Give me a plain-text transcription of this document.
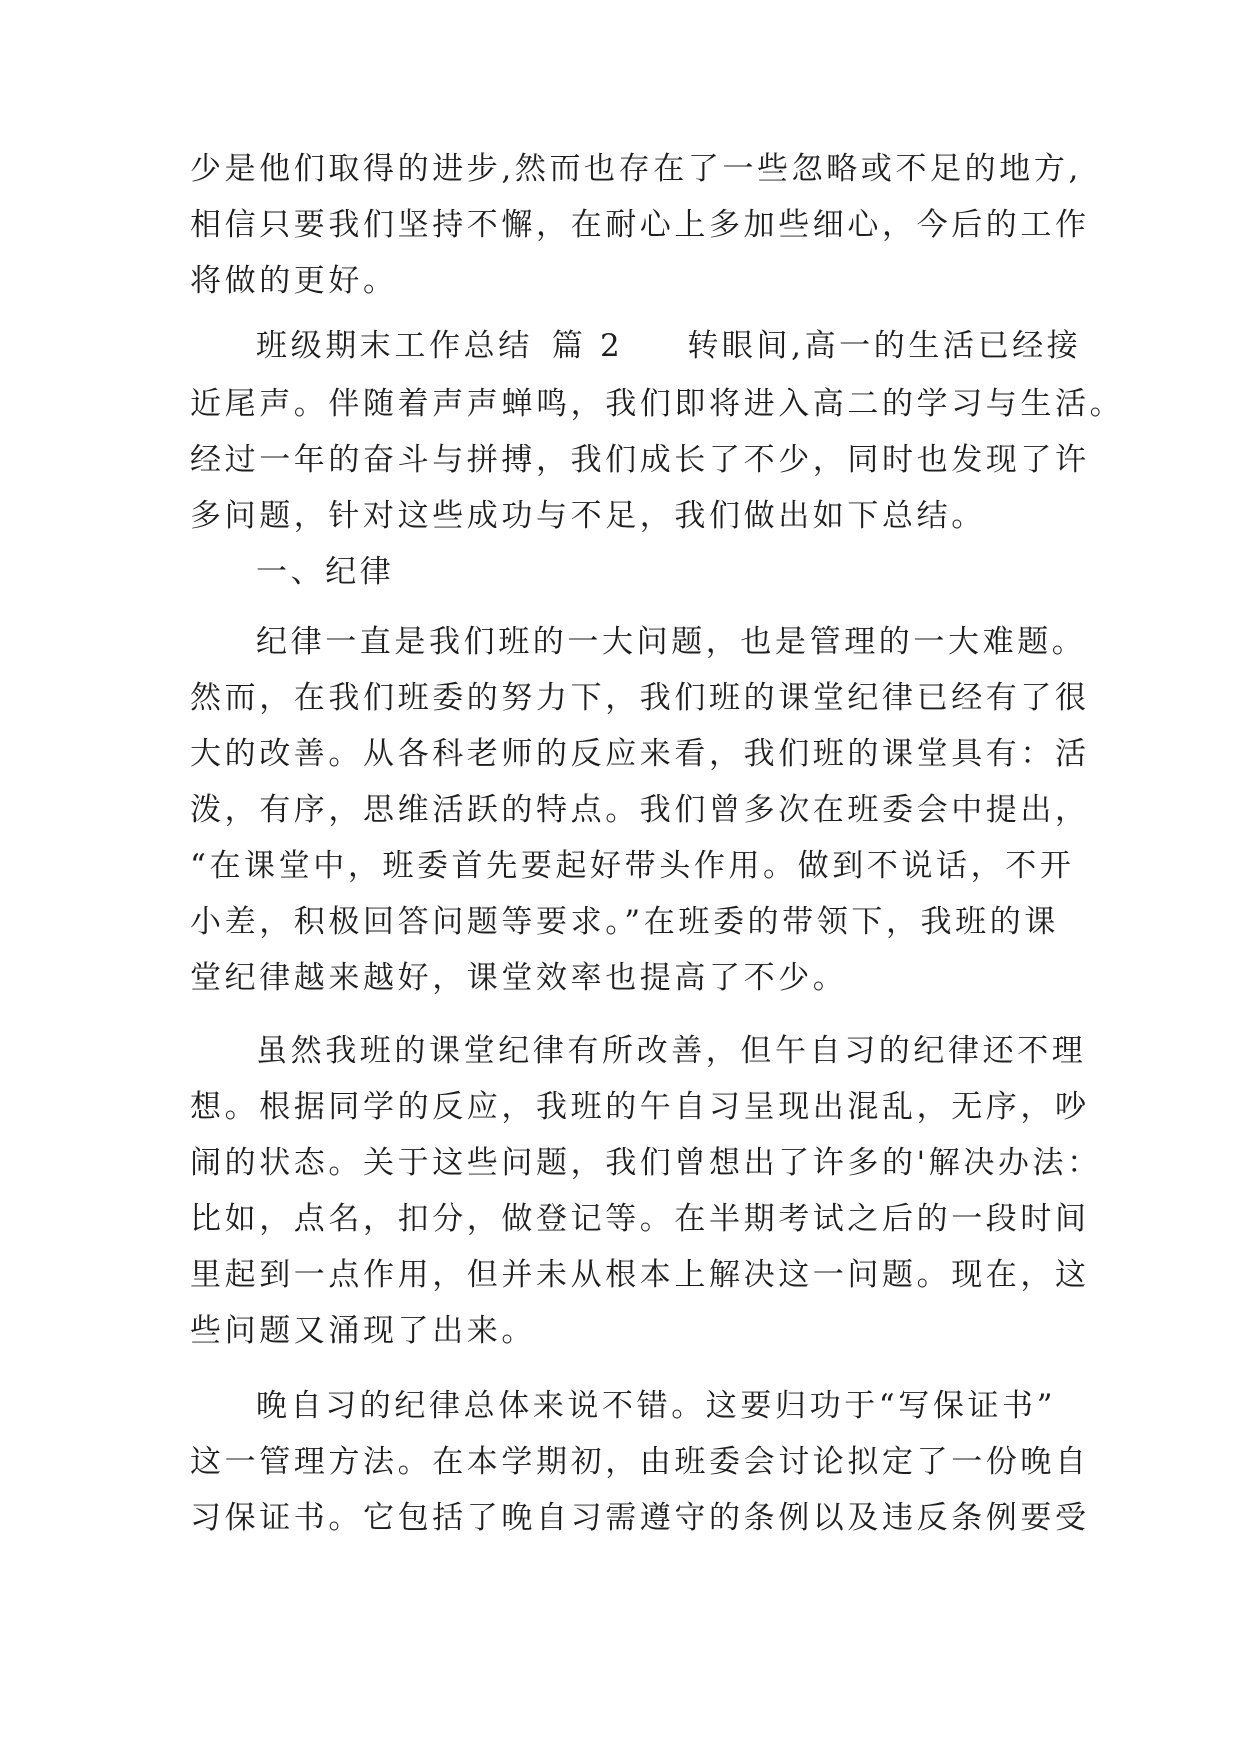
少是他们取得的进步,然而也存在了一些忽略或不足的地方,
相信只要我们坚持不懈，在耐心上多加些细心，今后的工作
将做的更好。
班级期末工作总结  篇 2 转眼间,高一的生活已经接
近尾声。伴随着声声蝉鸣，我们即将进入高二的学习与生活。
经过一年的奋斗与拼搏，我们成长了不少，同时也发现了许
多问题，针对这些成功与不足，我们做出如下总结。
一、纪律
纪律一直是我们班的一大问题，也是管理的一大难题。
然而，在我们班委的努力下，我们班的课堂纪律已经有了很
大的改善。从各科老师的反应来看，我们班的课堂具有：活
泼，有序，思维活跃的特点。我们曾多次在班委会中提出，
“在课堂中，班委首先要起好带头作用。做到不说话，不开
小差，积极回答问题等要求。”在班委的带领下，我班的课
堂纪律越来越好，课堂效率也提高了不少。
虽然我班的课堂纪律有所改善，但午自习的纪律还不理
想。根据同学的反应，我班的午自习呈现出混乱，无序，吵
闹的状态。关于这些问题，我们曾想出了许多的'解决办法：
比如，点名，扣分，做登记等。在半期考试之后的一段时间
里起到一点作用，但并未从根本上解决这一问题。现在，这
些问题又涌现了出来。
晚自习的纪律总体来说不错。这要归功于“写保证书”
这一管理方法。在本学期初，由班委会讨论拟定了一份晚自
习保证书。它包括了晚自习需遵守的条例以及违反条例要受
